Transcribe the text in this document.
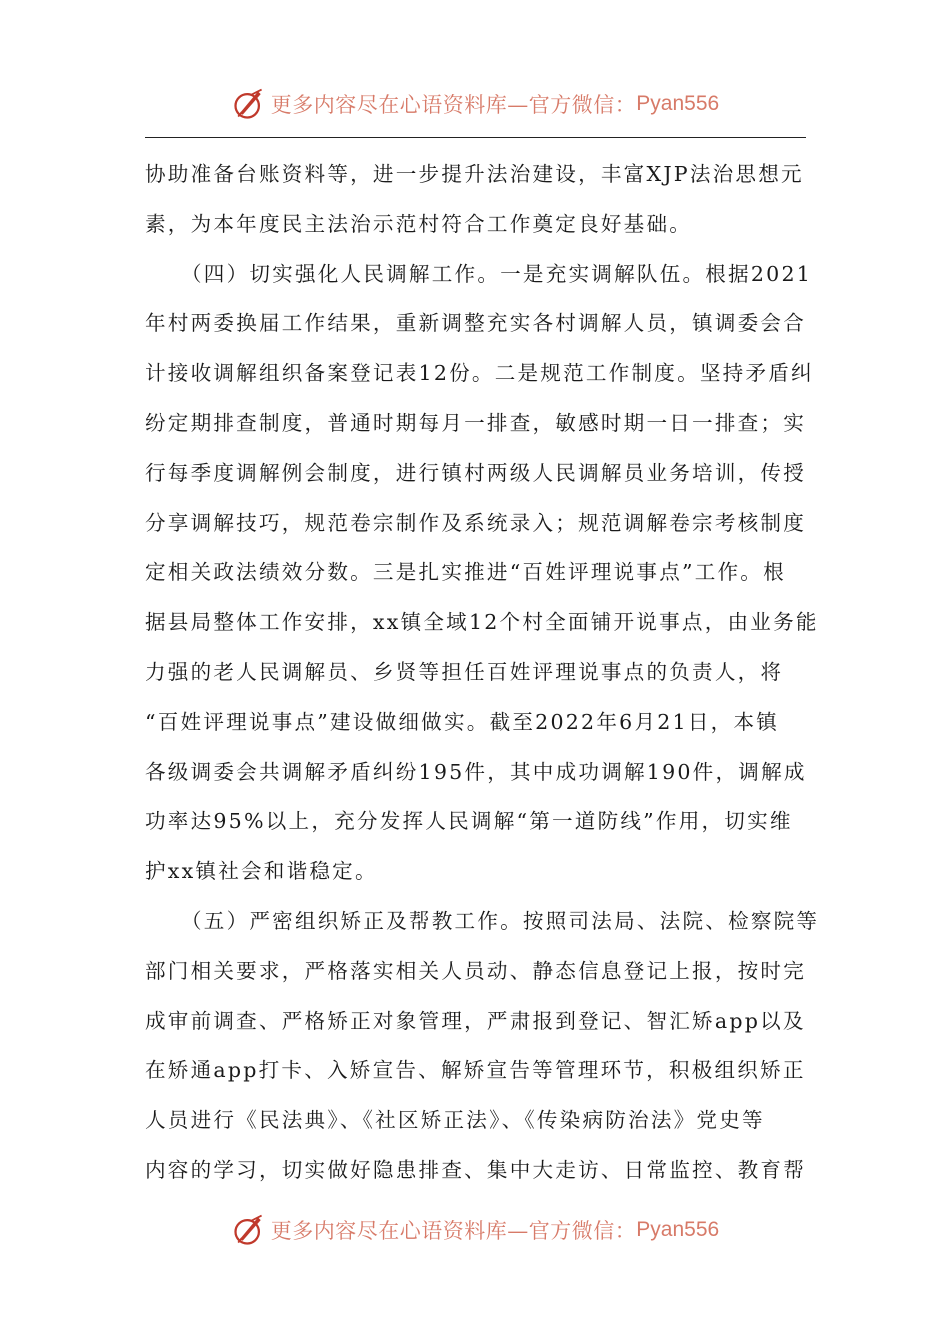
更多内容尽在心语资料库—官方微信： Pyan556
协助准备台账资料等，进一步提升法治建设，丰富XJP法治思想元
素，为本年度民主法治示范村符合工作奠定良好基础。
（四）切实强化人民调解工作。一是充实调解队伍。根据2021
年村两委换届工作结果，重新调整充实各村调解人员，镇调委会合
计接收调解组织备案登记表12份。二是规范工作制度。坚持矛盾纠
纷定期排查制度，普通时期每月一排查，敏感时期一日一排查；实
行每季度调解例会制度，进行镇村两级人民调解员业务培训，传授
分享调解技巧，规范卷宗制作及系统录入；规范调解卷宗考核制度
定相关政法绩效分数。三是扎实推进“百姓评理说事点”工作。根
据县局整体工作安排，xx镇全域12个村全面铺开说事点，由业务能
力强的老人民调解员、乡贤等担任百姓评理说事点的负责人，将
“百姓评理说事点”建设做细做实。截至2022年6月21日，本镇
各级调委会共调解矛盾纠纷195件，其中成功调解190件，调解成
功率达95%以上，充分发挥人民调解“第一道防线”作用，切实维
护xx镇社会和谐稳定。
（五）严密组织矫正及帮教工作。按照司法局、法院、检察院等
部门相关要求，严格落实相关人员动、静态信息登记上报，按时完
成审前调查、严格矫正对象管理，严肃报到登记、智汇矫app以及
在矫通app打卡、入矫宣告、解矫宣告等管理环节，积极组织矫正
人员进行《民法典》、《社区矫正法》、《传染病防治法》党史等
内容的学习，切实做好隐患排查、集中大走访、日常监控、教育帮
更多内容尽在心语资料库—官方微信： Pyan556
